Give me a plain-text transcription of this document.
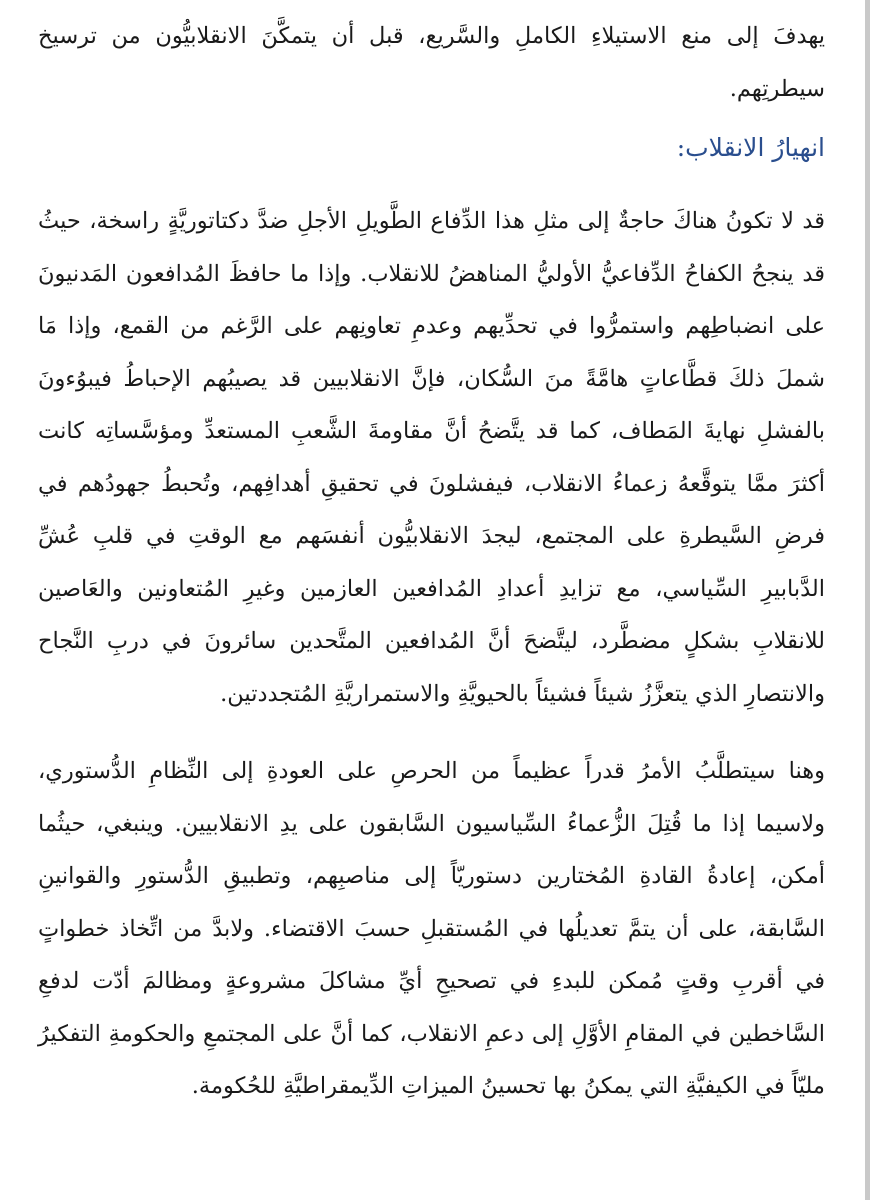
يهدفَ إلى منع الاستيلاءِ الكاملِ والسَّريع، قبل أن يتمكَّنَ الانقلابيُّون من ترسيخ سيطرتِهم.

انهيارُ الانقلاب:

قد لا تكونُ هناكَ حاجةٌ إلى مثلِ هذا الدِّفاع الطَّويلِ الأجلِ ضدَّ دكتاتوريَّةٍ راسخة، حيثُ قد ينجحُ الكفاحُ الدِّفاعيُّ الأوليُّ المناهضُ للانقلاب. وإذا ما حافظَ المُدافعون المَدنيونَ على انضباطِهم واستمرُّوا في تحدِّيهم وعدمِ تعاونِهم على الرَّغم من القمع، وإذا مَا شملَ ذلكَ قطَّاعاتٍ هامَّةً منَ السُّكان، فإنَّ الانقلابيين قد يصيبُهم الإحباطُ فيبوُءونَ بالفشلِ نهايةَ المَطاف، كما قد يتَّضحُ أنَّ مقاومةَ الشَّعبِ المستعدِّ ومؤسَّساتِه كانت أكثرَ ممَّا يتوقَّعهُ زعماءُ الانقلاب، فيفشلونَ في تحقيقِ أهدافِهم، وتُحبطُ جهودُهم في فرضِ السَّيطرةِ على المجتمع، ليجدَ الانقلابيُّون أنفسَهم مع الوقتِ في قلبِ عُشِّ الدَّبابيرِ السِّياسي، مع تزايدِ أعدادِ المُدافعين العازمين وغيرِ المُتعاونين والعَاصين للانقلابِ بشكلٍ مضطَّرد، ليتَّضحَ أنَّ المُدافعين المتَّحدين سائرونَ في دربِ النَّجاح والانتصارِ الذي يتعزَّزُ شيئاً فشيئاً بالحيويَّةِ والاستمراريَّةِ المُتجددتين.

وهنا سيتطلَّبُ الأمرُ قدراً عظيماً من الحرصِ على العودةِ إلى النِّظامِ الدُّستوري، ولاسيما إذا ما قُتِلَ الزُّعماءُ السِّياسيون السَّابقون على يدِ الانقلابيين. وينبغي، حيثُما أمكن، إعادةُ القادةِ المُختارين دستوريّاً إلى مناصبِهم، وتطبيقِ الدُّستورِ والقوانينِ السَّابقة، على أن يتمَّ تعديلُها في المُستقبلِ حسبَ الاقتضاء. ولابدَّ من اتِّخاذ خطواتٍ في أقربِ وقتٍ مُمكن للبدءِ في تصحيحِ أيِّ مشاكلَ مشروعةٍ ومظالمَ أدّت لدفعِ السَّاخطين في المقامِ الأوَّلِ إلى دعمِ الانقلاب، كما أنَّ على المجتمعِ والحكومةِ التفكيرُ مليّاً في الكيفيَّةِ التي يمكنُ بها تحسينُ الميزاتِ الدِّيمقراطيَّةِ للحُكومة.
